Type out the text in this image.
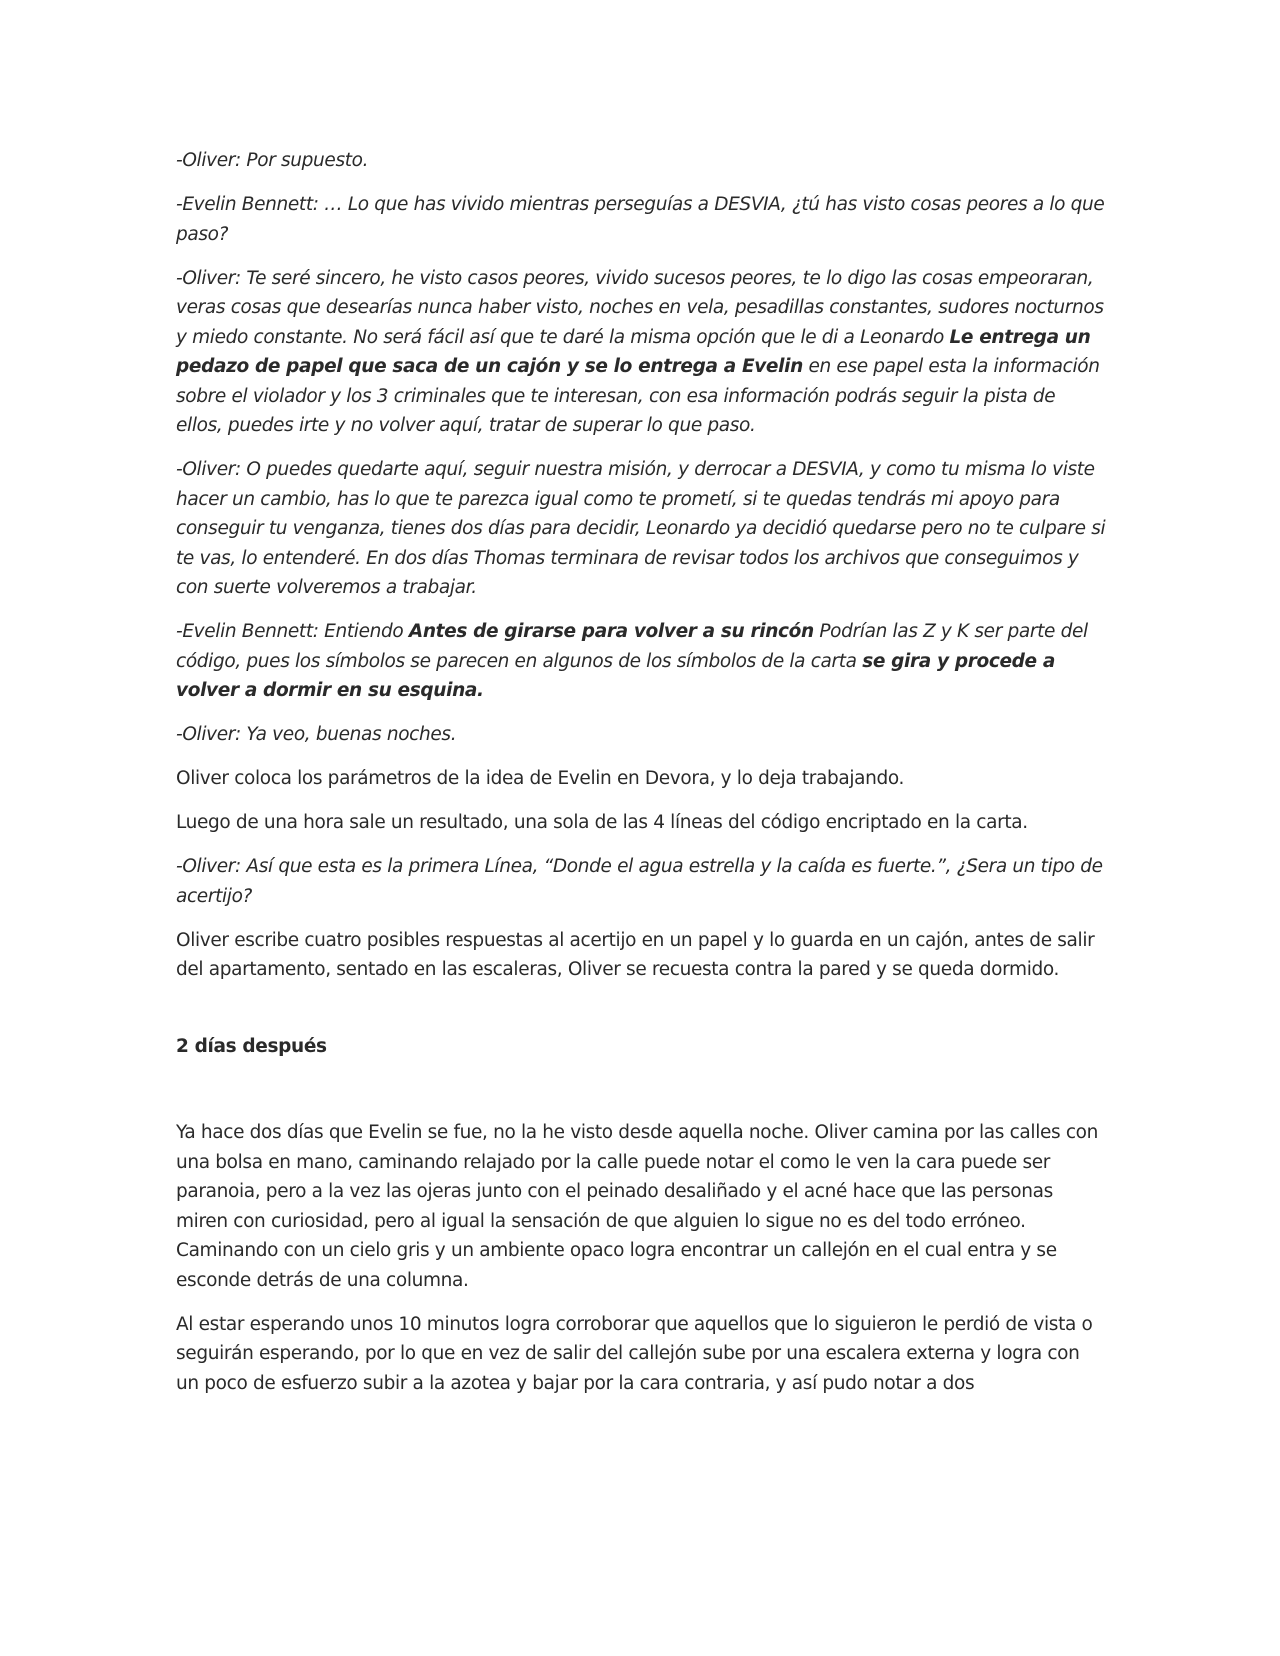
-Oliver: Por supuesto.

-Evelin Bennett: … Lo que has vivido mientras perseguías a DESVIA, ¿tú has visto cosas peores a lo que paso?

-Oliver: Te seré sincero, he visto casos peores, vivido sucesos peores, te lo digo las cosas empeoraran, veras cosas que desearías nunca haber visto, noches en vela, pesadillas constantes, sudores nocturnos y miedo constante. No será fácil así que te daré la misma opción que le di a Leonardo Le entrega un pedazo de papel que saca de un cajón y se lo entrega a Evelin en ese papel esta la información sobre el violador y los 3 criminales que te interesan, con esa información podrás seguir la pista de ellos, puedes irte y no volver aquí, tratar de superar lo que paso.

-Oliver: O puedes quedarte aquí, seguir nuestra misión, y derrocar a DESVIA, y como tu misma lo viste hacer un cambio, has lo que te parezca igual como te prometí, si te quedas tendrás mi apoyo para conseguir tu venganza, tienes dos días para decidir, Leonardo ya decidió quedarse pero no te culpare si te vas, lo entenderé. En dos días Thomas terminara de revisar todos los archivos que conseguimos y con suerte volveremos a trabajar.

-Evelin Bennett: Entiendo Antes de girarse para volver a su rincón Podrían las Z y K ser parte del código, pues los símbolos se parecen en algunos de los símbolos de la carta se gira y procede a volver a dormir en su esquina.

-Oliver: Ya veo, buenas noches.

Oliver coloca los parámetros de la idea de Evelin en Devora, y lo deja trabajando.

Luego de una hora sale un resultado, una sola de las 4 líneas del código encriptado en la carta.

-Oliver: Así que esta es la primera Línea, “Donde el agua estrella y la caída es fuerte.”, ¿Sera un tipo de acertijo?

Oliver escribe cuatro posibles respuestas al acertijo en un papel y lo guarda en un cajón, antes de salir del apartamento, sentado en las escaleras, Oliver se recuesta contra la pared y se queda dormido.

2 días después

Ya hace dos días que Evelin se fue, no la he visto desde aquella noche. Oliver camina por las calles con una bolsa en mano, caminando relajado por la calle puede notar el como le ven la cara puede ser paranoia, pero a la vez las ojeras junto con el peinado desaliñado y el acné hace que las personas miren con curiosidad, pero al igual la sensación de que alguien lo sigue no es del todo erróneo. Caminando con un cielo gris y un ambiente opaco logra encontrar un callejón en el cual entra y se esconde detrás de una columna.

Al estar esperando unos 10 minutos logra corroborar que aquellos que lo siguieron le perdió de vista o seguirán esperando, por lo que en vez de salir del callejón sube por una escalera externa y logra con un poco de esfuerzo subir a la azotea y bajar por la cara contraria, y así pudo notar a dos
